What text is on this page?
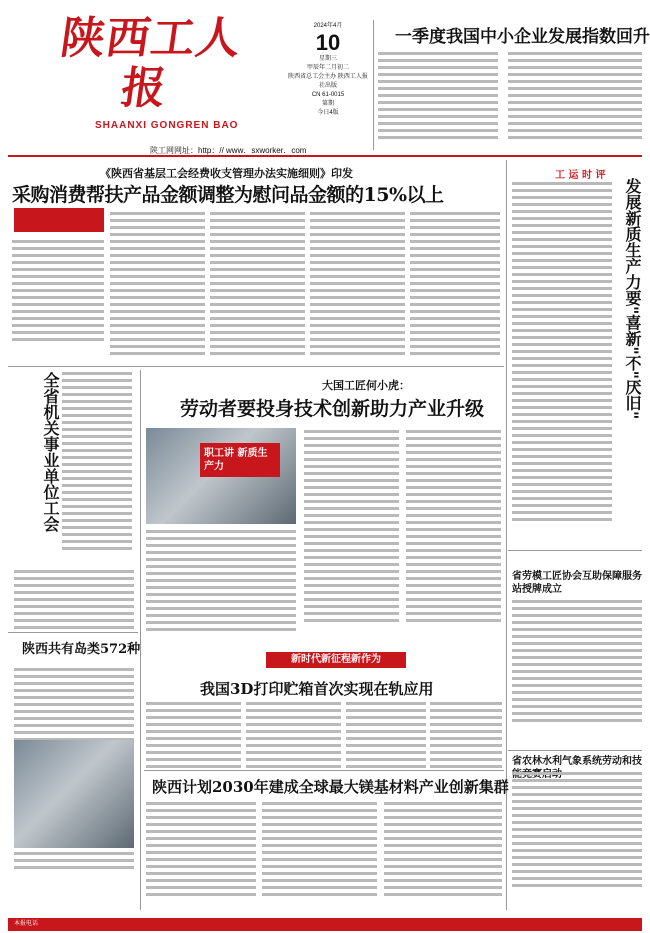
陕西工人报
SHAANXI GONGREN BAO
陕工网网址：http：// www．sxworker．com
2024年4月
10
星期三
甲辰年二月初二
陕西省总工会主办 陕西工人报社出版
CN 61-0015
第期
今日4版
一季度我国中小企业发展指数回升
《陕西省基层工会经费收支管理办法实施细则》印发
采购消费帮扶产品金额调整为慰问品金额的15%以上
工 运 时 评
发展新质生产力要"喜新"不"厌旧"
省劳模工匠协会互助保障服务站授牌成立
省农林水利气象系统劳动和技
全省机关事业单位工会
陕西共有岛类572种
大国工匠何小虎：
劳动者要投身技术创新助力产业升级
职工讲 新质生产力
新时代新征程新作为
我国3D打印贮箱首次实现在轨应用
陕西计划2030年建成全球最大镁基材料产业创新集群
本报电话
